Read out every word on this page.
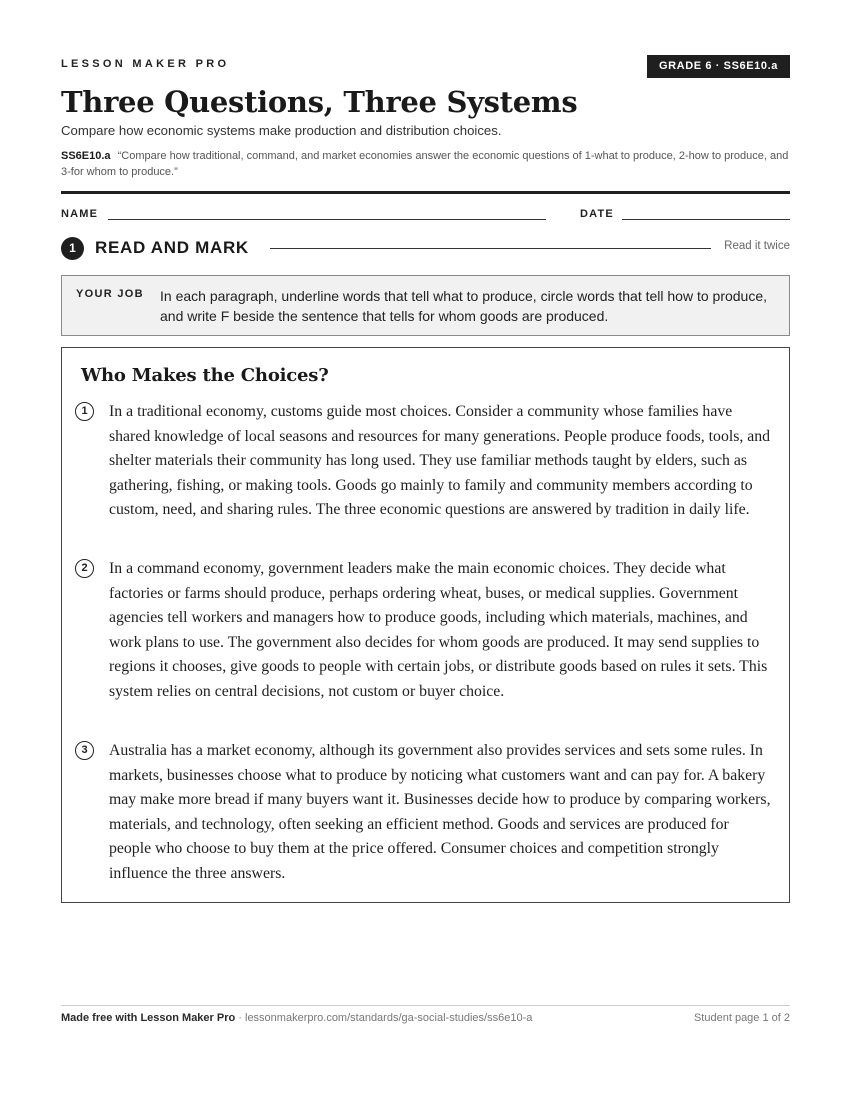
LESSON MAKER PRO	GRADE 6 · SS6E10.a
Three Questions, Three Systems
Compare how economic systems make production and distribution choices.
SS6E10.a “Compare how traditional, command, and market economies answer the economic questions of 1-what to produce, 2-how to produce, and 3-for whom to produce.”
NAME	DATE
1	READ AND MARK	Read it twice
YOUR JOB In each paragraph, underline words that tell what to produce, circle words that tell how to produce, and write F beside the sentence that tells for whom goods are produced.
Who Makes the Choices?
1	In a traditional economy, customs guide most choices. Consider a community whose families have shared knowledge of local seasons and resources for many generations. People produce foods, tools, and shelter materials their community has long used. They use familiar methods taught by elders, such as gathering, fishing, or making tools. Goods go mainly to family and community members according to custom, need, and sharing rules. The three economic questions are answered by tradition in daily life.
2	In a command economy, government leaders make the main economic choices. They decide what factories or farms should produce, perhaps ordering wheat, buses, or medical supplies. Government agencies tell workers and managers how to produce goods, including which materials, machines, and work plans to use. The government also decides for whom goods are produced. It may send supplies to regions it chooses, give goods to people with certain jobs, or distribute goods based on rules it sets. This system relies on central decisions, not custom or buyer choice.
3	Australia has a market economy, although its government also provides services and sets some rules. In markets, businesses choose what to produce by noticing what customers want and can pay for. A bakery may make more bread if many buyers want it. Businesses decide how to produce by comparing workers, materials, and technology, often seeking an efficient method. Goods and services are produced for people who choose to buy them at the price offered. Consumer choices and competition strongly influence the three answers.
Made free with Lesson Maker Pro · lessonmakerpro.com/standards/ga-social-studies/ss6e10-a	Student page 1 of 2
